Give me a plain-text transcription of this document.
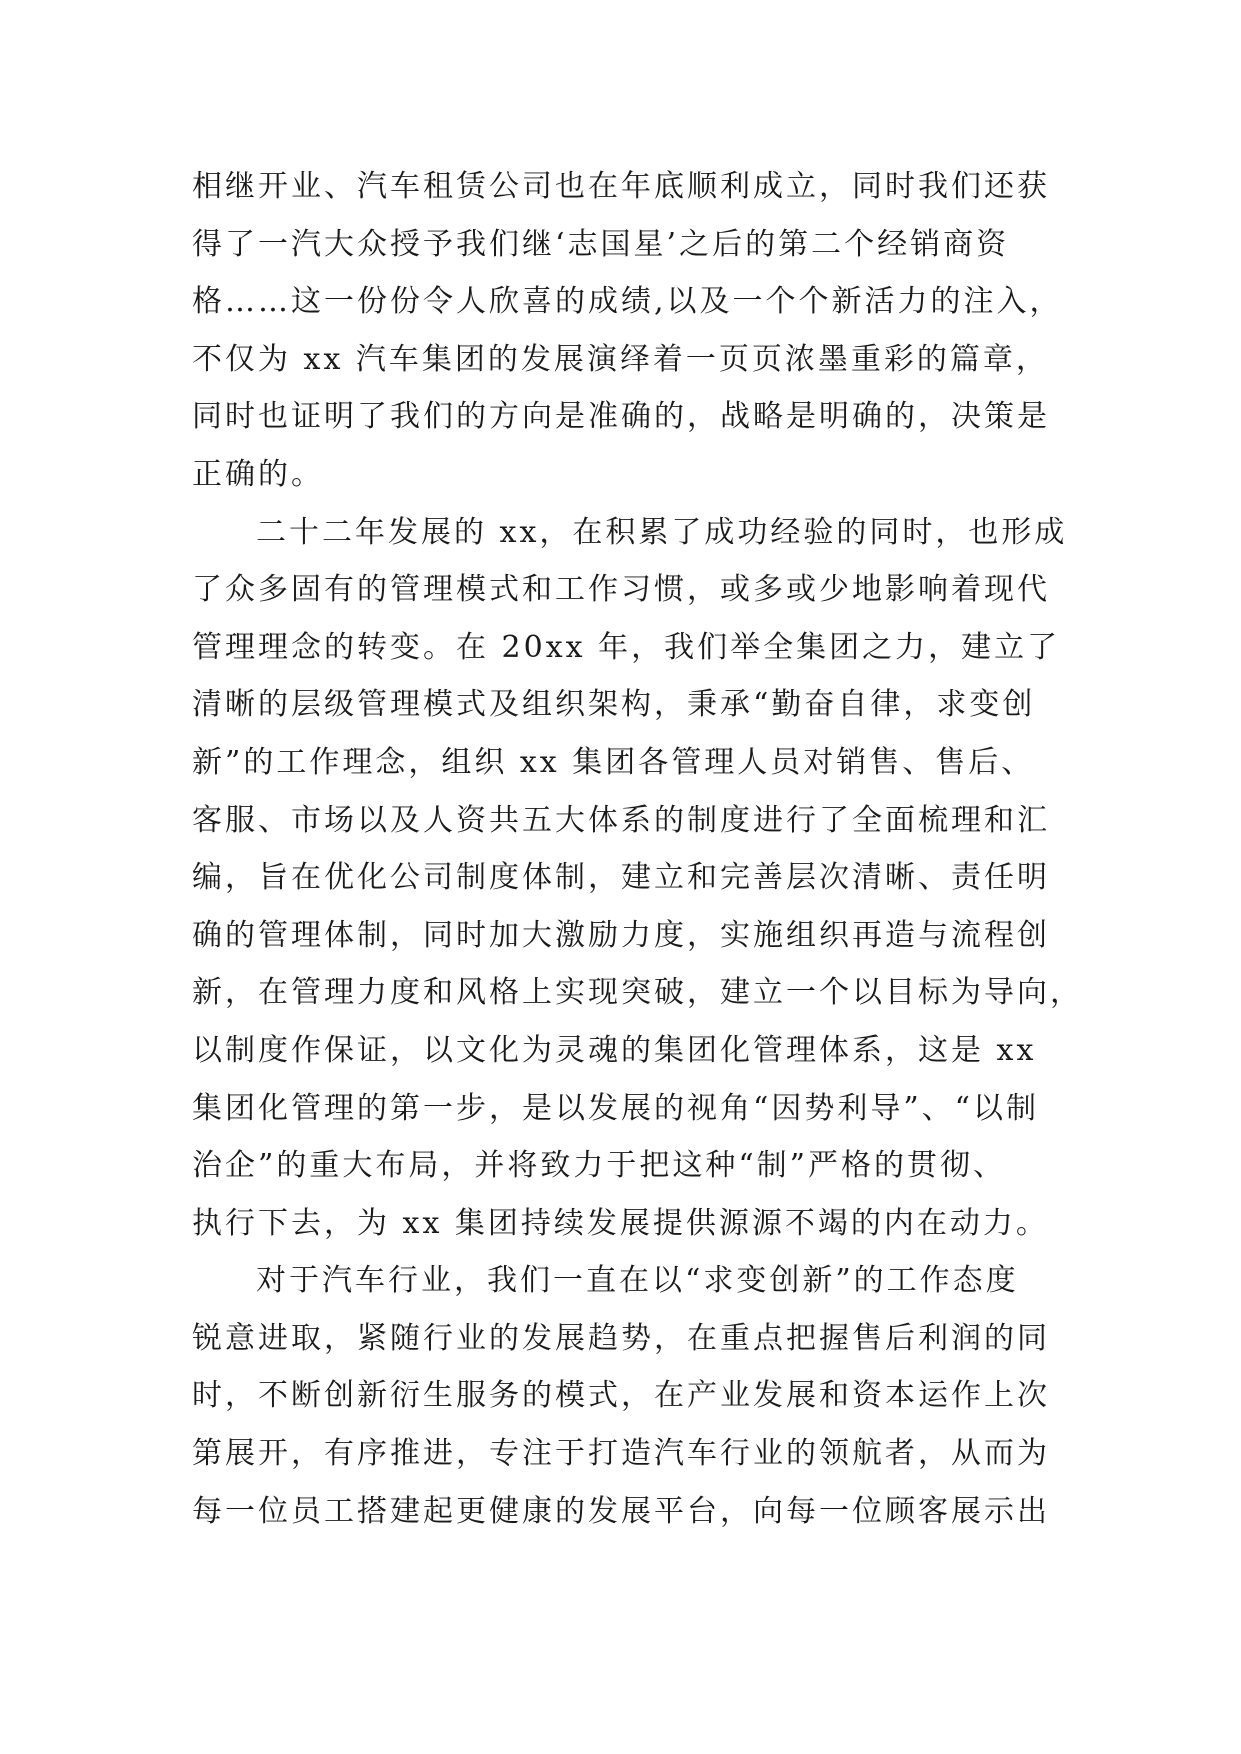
相继开业、汽车租赁公司也在年底顺利成立，同时我们还获
得了一汽大众授予我们继‘志国星’之后的第二个经销商资
格……这一份份令人欣喜的成绩,以及一个个新活力的注入，
不仅为 xx 汽车集团的发展演绎着一页页浓墨重彩的篇章，
同时也证明了我们的方向是准确的，战略是明确的，决策是
正确的。
二十二年发展的 xx，在积累了成功经验的同时，也形成
了众多固有的管理模式和工作习惯，或多或少地影响着现代
管理理念的转变。在 20xx 年，我们举全集团之力，建立了
清晰的层级管理模式及组织架构，秉承“勤奋自律，求变创
新”的工作理念，组织 xx 集团各管理人员对销售、售后、
客服、市场以及人资共五大体系的制度进行了全面梳理和汇
编，旨在优化公司制度体制，建立和完善层次清晰、责任明
确的管理体制，同时加大激励力度，实施组织再造与流程创
新，在管理力度和风格上实现突破，建立一个以目标为导向，
以制度作保证，以文化为灵魂的集团化管理体系，这是 xx
集团化管理的第一步，是以发展的视角“因势利导”、“以制
治企”的重大布局，并将致力于把这种“制”严格的贯彻、
执行下去，为 xx 集团持续发展提供源源不竭的内在动力。
对于汽车行业，我们一直在以“求变创新”的工作态度
锐意进取，紧随行业的发展趋势，在重点把握售后利润的同
时，不断创新衍生服务的模式，在产业发展和资本运作上次
第展开，有序推进，专注于打造汽车行业的领航者，从而为
每一位员工搭建起更健康的发展平台，向每一位顾客展示出
